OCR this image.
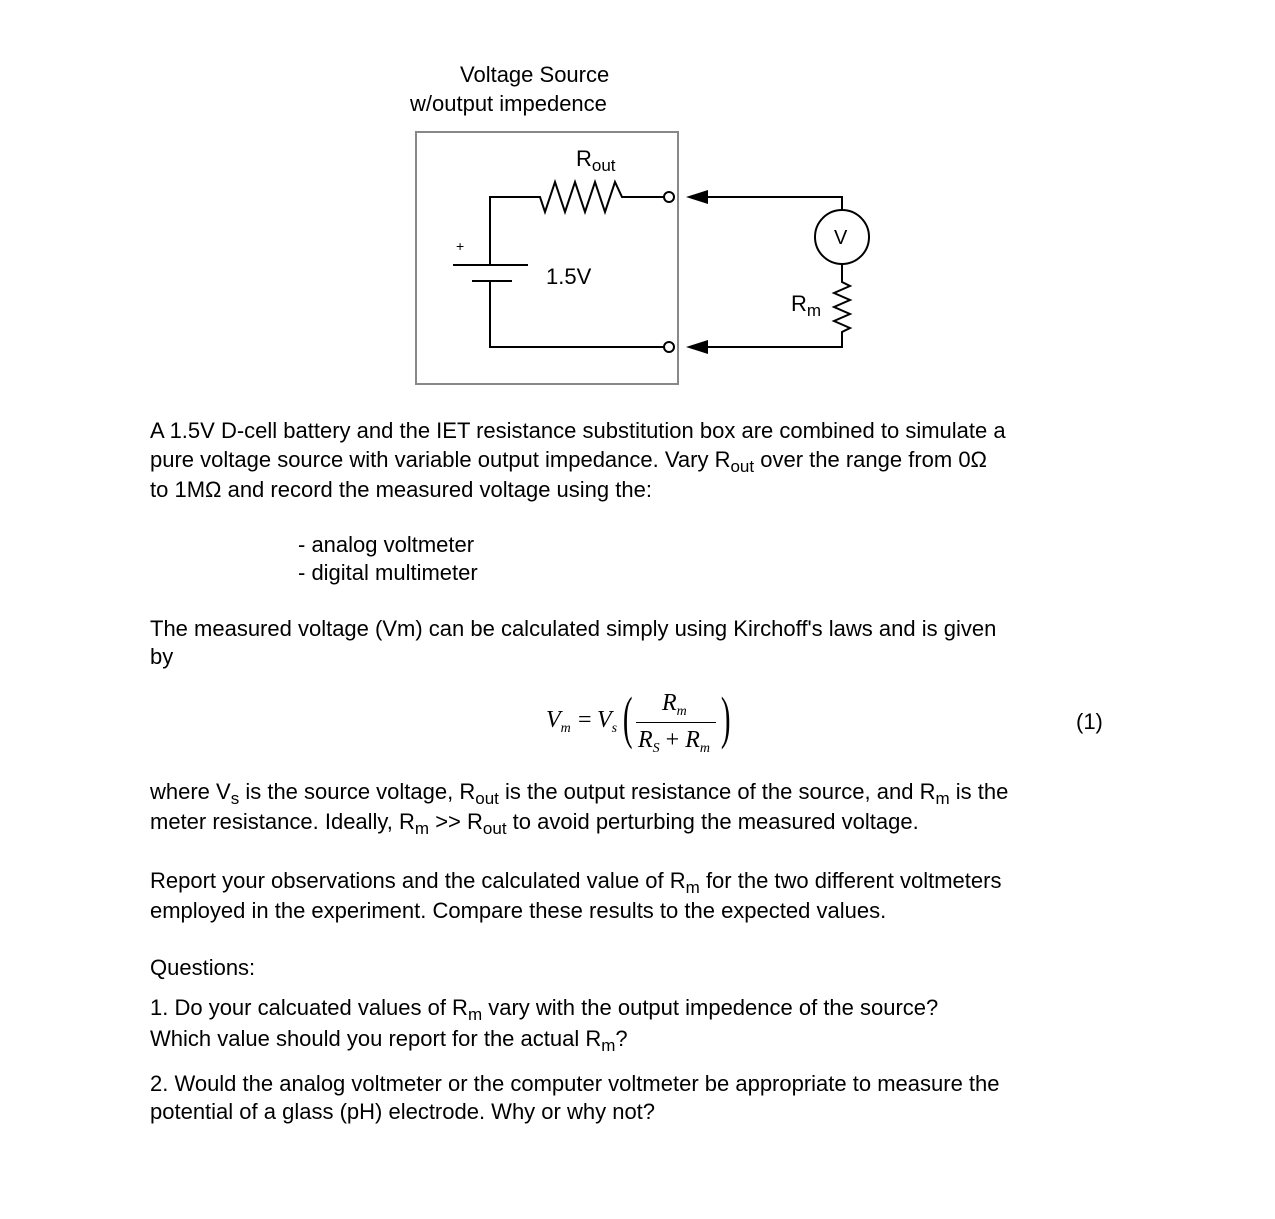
Voltage Source
w/output impedence
$R_{out}$
+
1.5V
V
$R_m$
A 1.5V D-cell battery and the IET resistance substitution box are combined to simulate a
pure voltage source with variable output impedance. Vary $R_{out}$ over the range from 0Ω
to 1MΩ and record the measured voltage using the:
- analog voltmeter
- digital multimeter
The measured voltage (Vm) can be calculated simply using Kirchoff's laws and is given
by
where $V_s$ is the source voltage, $R_{out}$ is the output resistance of the source, and $R_m$ is the
meter resistance. Ideally, $R_m >> R_{out}$ to avoid perturbing the measured voltage.
Report your observations and the calculated value of $R_m$ for the two different voltmeters
employed in the experiment. Compare these results to the expected values.
Questions:
1. Do your calcuated values of $R_m$ vary with the output impedence of the source?
Which value should you report for the actual $R_m$?
2. Would the analog voltmeter or the computer voltmeter be appropriate to measure the
potential of a glass (pH) electrode. Why or why not?
$V_m = V_s$ ( $R_m$
$R_S + R_m$ )	(1)
